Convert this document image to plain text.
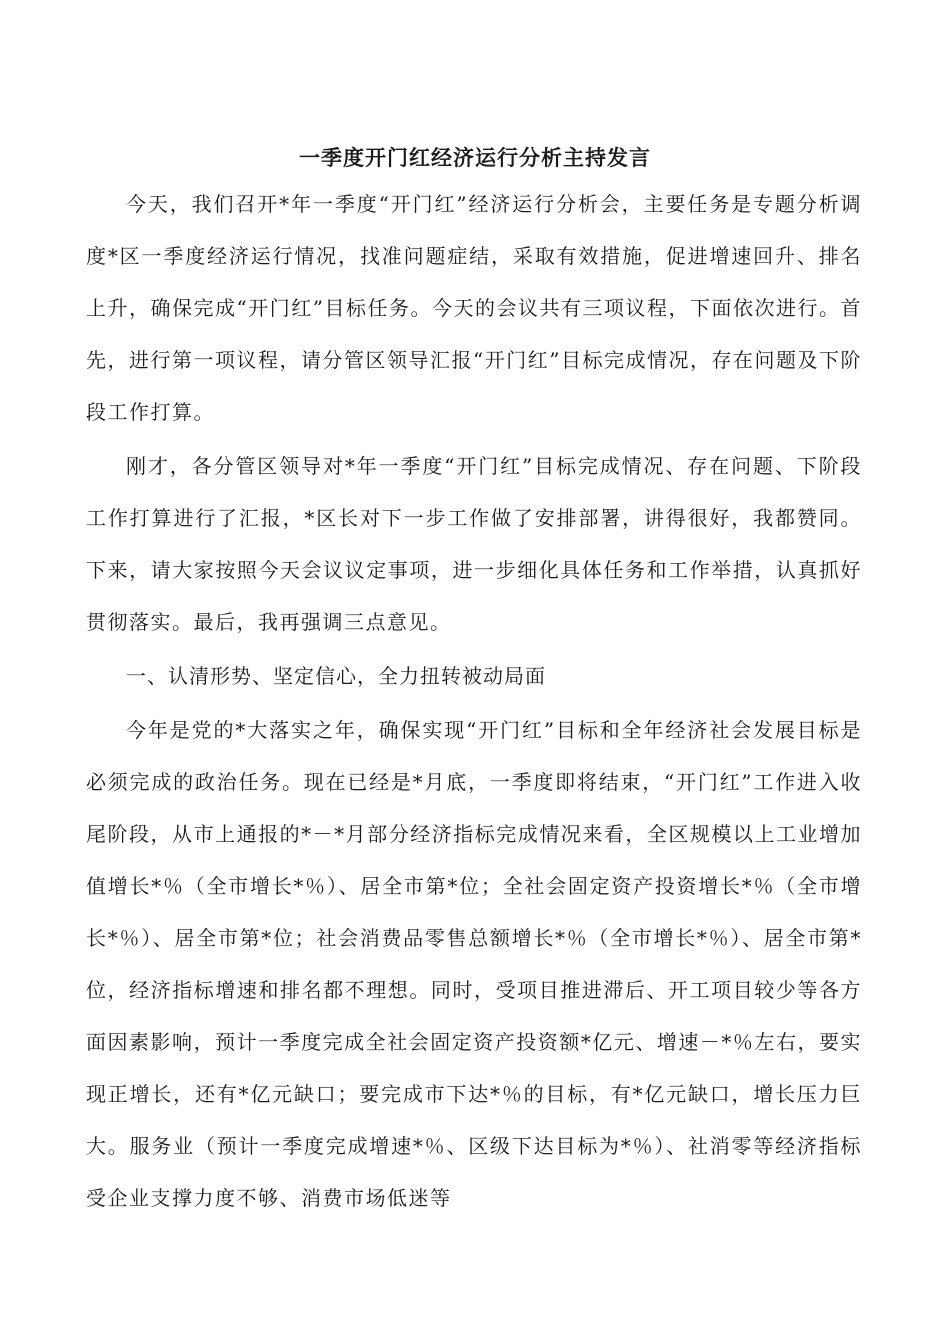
一季度开门红经济运行分析主持发言

今天，我们召开*年一季度“开门红”经济运行分析会，主要任务是专题分析调度*区一季度经济运行情况，找准问题症结，采取有效措施，促进增速回升、排名上升，确保完成“开门红”目标任务。今天的会议共有三项议程，下面依次进行。首先，进行第一项议程，请分管区领导汇报“开门红”目标完成情况，存在问题及下阶段工作打算。

刚才，各分管区领导对*年一季度“开门红”目标完成情况、存在问题、下阶段工作打算进行了汇报，*区长对下一步工作做了安排部署，讲得很好，我都赞同。下来，请大家按照今天会议议定事项，进一步细化具体任务和工作举措，认真抓好贯彻落实。最后，我再强调三点意见。

一、认清形势、坚定信心，全力扭转被动局面

今年是党的*大落实之年，确保实现“开门红”目标和全年经济社会发展目标是必须完成的政治任务。现在已经是*月底，一季度即将结束，“开门红”工作进入收尾阶段，从市上通报的*－*月部分经济指标完成情况来看，全区规模以上工业增加值增长*％（全市增长*％）、居全市第*位；全社会固定资产投资增长*％（全市增长*％）、居全市第*位；社会消费品零售总额增长*％（全市增长*％）、居全市第*位，经济指标增速和排名都不理想。同时，受项目推进滞后、开工项目较少等各方面因素影响，预计一季度完成全社会固定资产投资额*亿元、增速－*％左右，要实现正增长，还有*亿元缺口；要完成市下达*％的目标，有*亿元缺口，增长压力巨大。服务业（预计一季度完成增速*％、区级下达目标为*％）、社消零等经济指标受企业支撑力度不够、消费市场低迷等
